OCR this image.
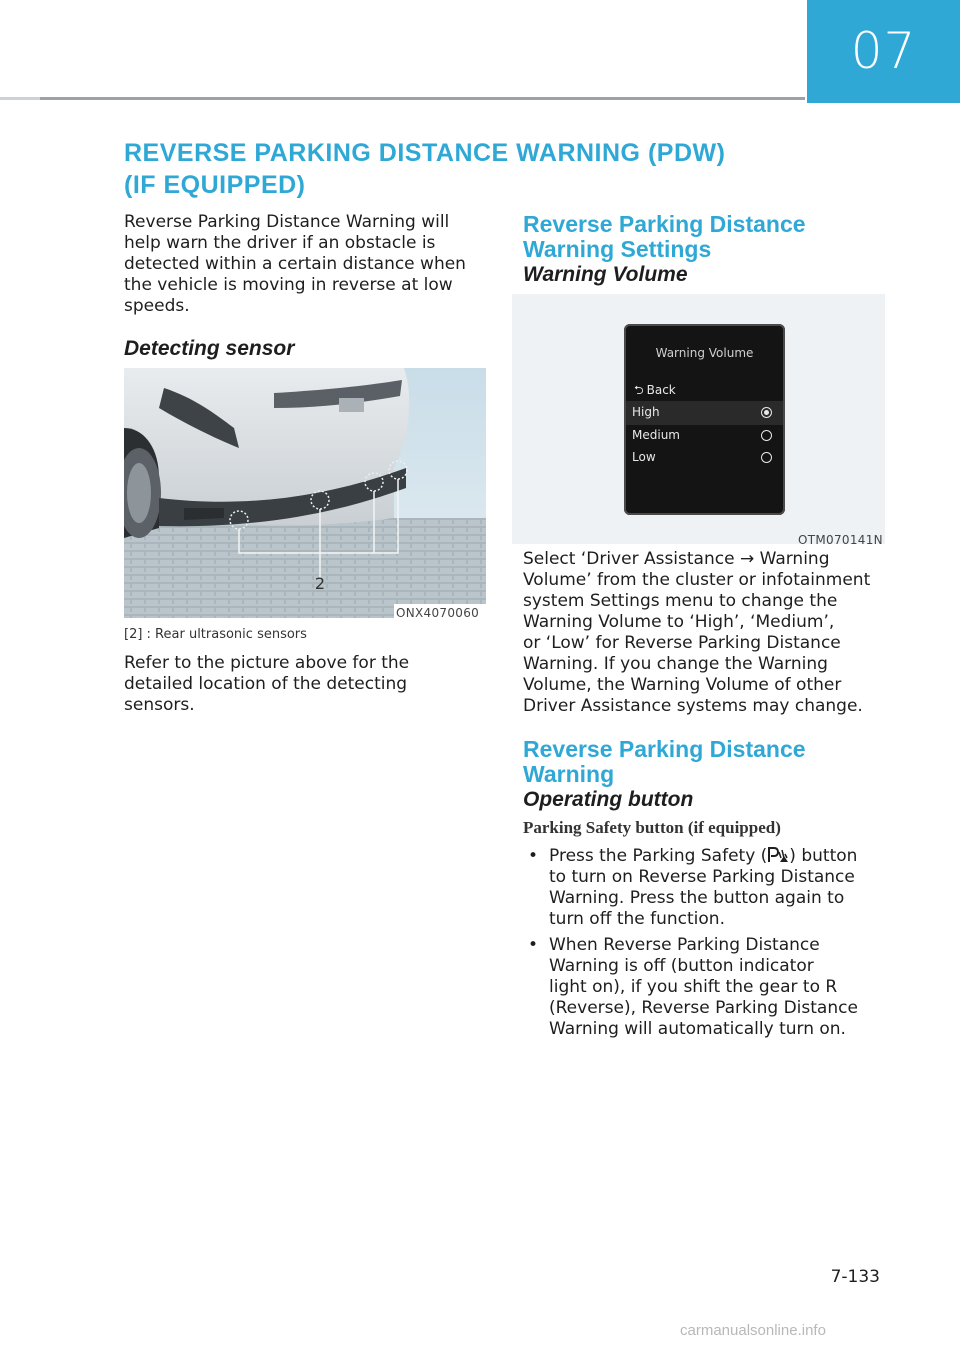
07
REVERSE PARKING DISTANCE WARNING (PDW)
(IF EQUIPPED)
Reverse Parking Distance Warning will
help warn the driver if an obstacle is
detected within a certain distance when
the vehicle is moving in reverse at low
speeds.
Detecting sensor
2
ONX4070060
[2] : Rear ultrasonic sensors
Refer to the picture above for the
detailed location of the detecting
sensors.
Reverse Parking Distance
Warning Settings
Warning Volume
Warning Volume
⮌ Back
High
Medium
Low
OTM070141N
Select ‘Driver Assistance → Warning
Volume’ from the cluster or infotainment
system Settings menu to change the
Warning Volume to ‘High’, ‘Medium’,
or ‘Low’ for Reverse Parking Distance
Warning. If you change the Warning
Volume, the Warning Volume of other
Driver Assistance systems may change.
Reverse Parking Distance
Warning
Operating button
Parking Safety button (if equipped)
• Press the Parking Safety ( ) button
to turn on Reverse Parking Distance
Warning. Press the button again to
turn off the function.
• When Reverse Parking Distance
Warning is off (button indicator
light on), if you shift the gear to R
(Reverse), Reverse Parking Distance
Warning will automatically turn on.
7-133
carmanualsonline.info
